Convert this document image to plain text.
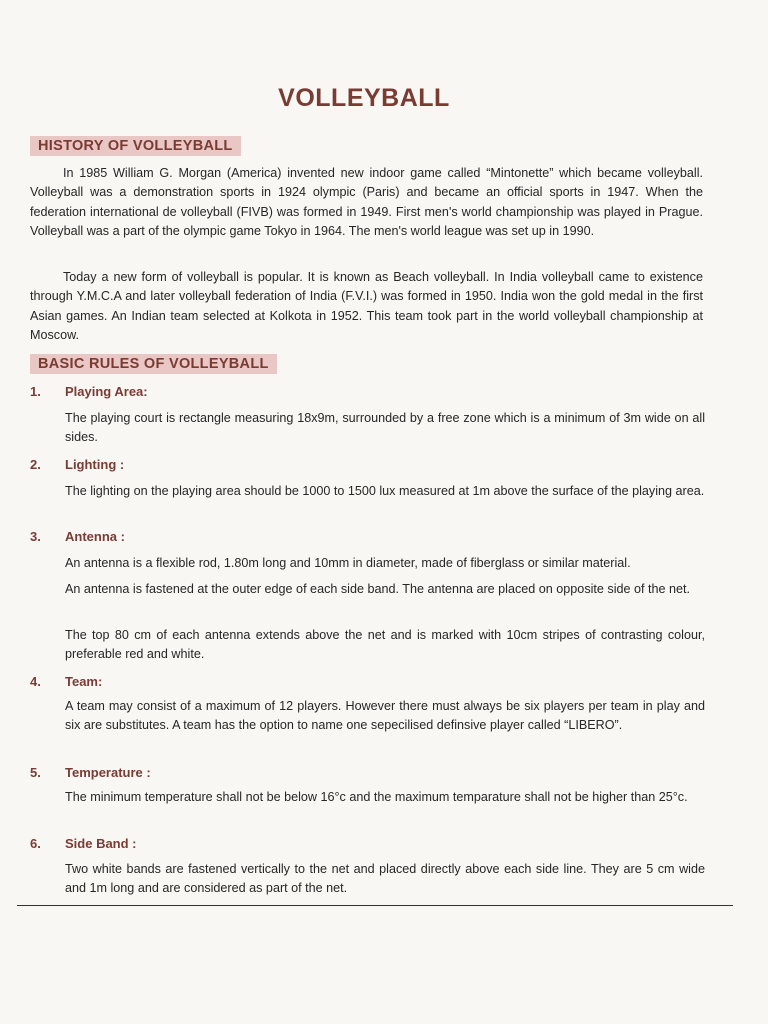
VOLLEYBALL
HISTORY OF VOLLEYBALL
In 1985 William G. Morgan (America) invented new indoor game called “Mintonette” which became volleyball. Volleyball was a demonstration sports in 1924 olympic (Paris) and became an official sports in 1947. When the federation international de volleyball (FIVB) was formed in 1949. First men's world championship was played in Prague. Volleyball was a part of the olympic game Tokyo in 1964. The men's world league was set up in 1990.
Today a new form of volleyball is popular. It is known as Beach volleyball. In India volleyball came to existence through Y.M.C.A and later volleyball federation of India (F.V.I.) was formed in 1950. India won the gold medal in the first Asian games. An Indian team selected at Kolkota in 1952. This team took part in the world volleyball championship at Moscow.
BASIC RULES OF VOLLEYBALL
1. Playing Area:
The playing court is rectangle measuring 18x9m, surrounded by a free zone which is a minimum of 3m wide on all sides.
2. Lighting :
The lighting on the playing area should be 1000 to 1500 lux measured at 1m above the surface of the playing area.
3. Antenna :
An antenna is a flexible rod, 1.80m long and 10mm in diameter, made of fiberglass or similar material.
An antenna is fastened at the outer edge of each side band. The antenna are placed on opposite side of the net.
The top 80 cm of each antenna extends above the net and is marked with 10cm stripes of contrasting colour, preferable red and white.
4. Team:
A team may consist of a maximum of 12 players. However there must always be six players per team in play and six are substitutes. A team has the option to name one sepecilised definsive player called “LIBERO”.
5. Temperature :
The minimum temperature shall not be below 16°c and the maximum temparature shall not be higher than 25°c.
6. Side Band :
Two white bands are fastened vertically to the net and placed directly above each side line. They are 5 cm wide and 1m long and are considered as part of the net.
